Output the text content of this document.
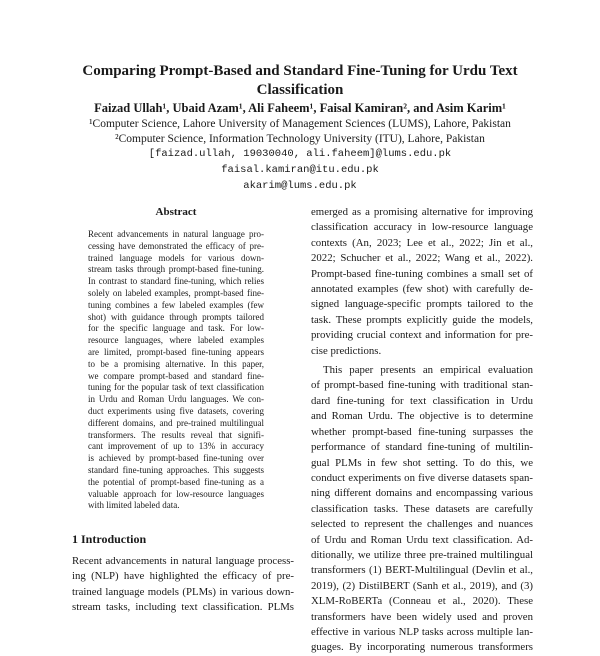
Comparing Prompt-Based and Standard Fine-Tuning for Urdu Text
Classification
Faizad Ullah¹, Ubaid Azam¹, Ali Faheem¹, Faisal Kamiran², and Asim Karim¹
¹Computer Science, Lahore University of Management Sciences (LUMS), Lahore, Pakistan
²Computer Science, Information Technology University (ITU), Lahore, Pakistan
[faizad.ullah, 19030040, ali.faheem]@lums.edu.pk
faisal.kamiran@itu.edu.pk
akarim@lums.edu.pk
Abstract
Recent advancements in natural language pro-
cessing have demonstrated the efficacy of pre-
trained language models for various down-
stream tasks through prompt-based fine-tuning.
In contrast to standard fine-tuning, which relies
solely on labeled examples, prompt-based fine-
tuning combines a few labeled examples (few
shot) with guidance through prompts tailored
for the specific language and task. For low-
resource languages, where labeled examples
are limited, prompt-based fine-tuning appears
to be a promising alternative. In this paper,
we compare prompt-based and standard fine-
tuning for the popular task of text classification
in Urdu and Roman Urdu languages. We con-
duct experiments using five datasets, covering
different domains, and pre-trained multilingual
transformers. The results reveal that signifi-
cant improvement of up to 13% in accuracy
is achieved by prompt-based fine-tuning over
standard fine-tuning approaches. This suggests
the potential of prompt-based fine-tuning as a
valuable approach for low-resource languages
with limited labeled data.
1 Introduction
Recent advancements in natural language process-
ing (NLP) have highlighted the efficacy of pre-
trained language models (PLMs) in various down-
stream tasks, including text classification. PLMs
emerged as a promising alternative for improving
classification accuracy in low-resource language
contexts (An, 2023; Lee et al., 2022; Jin et al.,
2022; Schucher et al., 2022; Wang et al., 2022).
Prompt-based fine-tuning combines a small set of
annotated examples (few shot) with carefully de-
signed language-specific prompts tailored to the
task. These prompts explicitly guide the models,
providing crucial context and information for pre-
cise predictions.
This paper presents an empirical evaluation
of prompt-based fine-tuning with traditional stan-
dard fine-tuning for text classification in Urdu
and Roman Urdu. The objective is to determine
whether prompt-based fine-tuning surpasses the
performance of standard fine-tuning of multilin-
gual PLMs in few shot setting. To do this, we
conduct experiments on five diverse datasets span-
ning different domains and encompassing various
classification tasks. These datasets are carefully
selected to represent the challenges and nuances
of Urdu and Roman Urdu text classification. Ad-
ditionally, we utilize three pre-trained multilingual
transformers (1) BERT-Multilingual (Devlin et al.,
2019), (2) DistilBERT (Sanh et al., 2019), and (3)
XLM-RoBERTa (Conneau et al., 2020). These
transformers have been widely used and proven
effective in various NLP tasks across multiple lan-
guages. By incorporating numerous transformers
